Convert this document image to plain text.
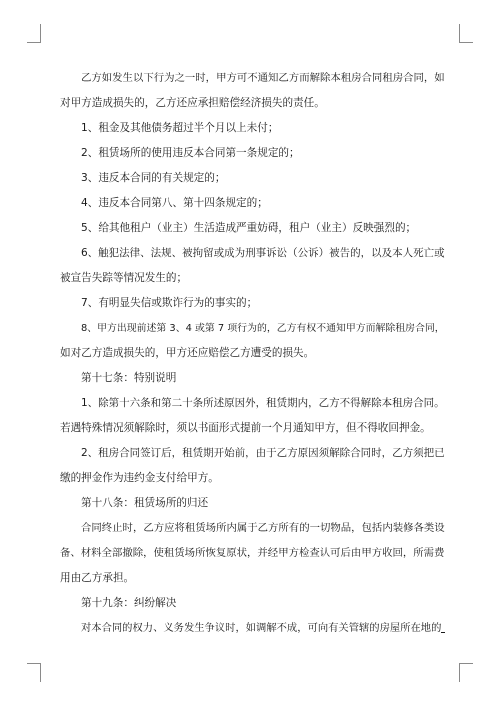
乙方如发生以下行为之一时，甲方可不通知乙方而解除本租房合同租房合同，如
对甲方造成损失的，乙方还应承担赔偿经济损失的责任。
1、租金及其他债务超过半个月以上未付；
2、租赁场所的使用违反本合同第一条规定的；
3、违反本合同的有关规定的；
4、违反本合同第八、第十四条规定的；
5、给其他租户（业主）生活造成严重妨碍，租户（业主）反映强烈的；
6、触犯法律、法规、被拘留或成为刑事诉讼（公诉）被告的，以及本人死亡或
被宣告失踪等情况发生的；
7、有明显失信或欺诈行为的事实的；
8、甲方出现前述第 3、4 或第 7 项行为的，乙方有权不通知甲方而解除租房合同，
如对乙方造成损失的，甲方还应赔偿乙方遭受的损失。
第十七条：特别说明
1、除第十六条和第二十条所述原因外，租赁期内，乙方不得解除本租房合同。
若遇特殊情况须解除时，须以书面形式提前一个月通知甲方，但不得收回押金。
2、租房合同签订后，租赁期开始前，由于乙方原因须解除合同时，乙方须把已
缴的押金作为违约金支付给甲方。
第十八条：租赁场所的归还
合同终止时，乙方应将租赁场所内属于乙方所有的一切物品，包括内装修各类设
备、材料全部撤除，使租赁场所恢复原状，并经甲方检查认可后由甲方收回，所需费
用由乙方承担。
第十九条：纠纷解决
对本合同的权力、义务发生争议时，如调解不成，可向有关管辖的房屋所在地的
